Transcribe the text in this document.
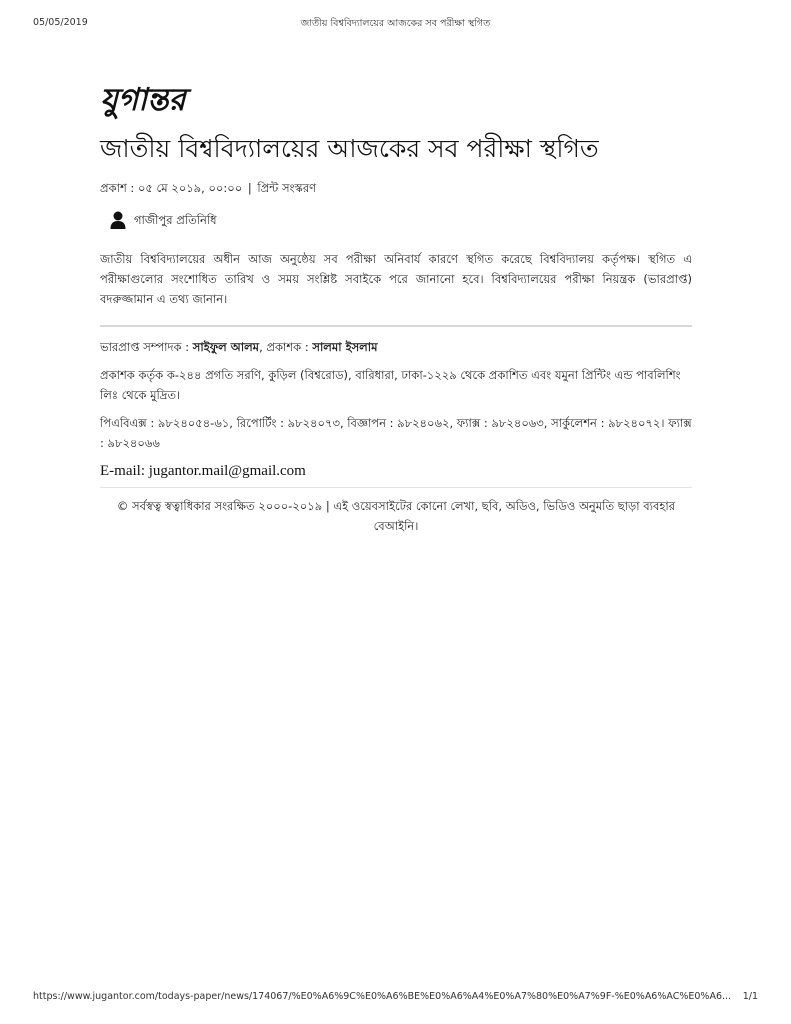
05/05/2019	জাতীয় বিশ্ববিদ্যালয়ের আজকের সব পরীক্ষা স্থগিত
যুগান্তর
জাতীয় বিশ্ববিদ্যালয়ের আজকের সব পরীক্ষা স্থগিত
প্রকাশ : ০৫ মে ২০১৯, ০০:০০ | প্রিন্ট সংস্করণ
গাজীপুর প্রতিনিধি

জাতীয় বিশ্ববিদ্যালয়ের অধীন আজ অনুষ্ঠেয় সব পরীক্ষা অনিবার্য কারণে স্থগিত করেছে বিশ্ববিদ্যালয় কর্তৃপক্ষ। স্থগিত এ পরীক্ষাগুলোর সংশোধিত তারিখ ও সময় সংশ্লিষ্ট সবাইকে পরে জানানো হবে। বিশ্ববিদ্যালয়ের পরীক্ষা নিয়ন্ত্রক (ভারপ্রাপ্ত) বদরুজ্জামান এ তথ্য জানান।

ভারপ্রাপ্ত সম্পাদক : সাইফুল আলম, প্রকাশক : সালমা ইসলাম
প্রকাশক কর্তৃক ক-২৪৪ প্রগতি সরণি, কুড়িল (বিশ্বরোড), বারিধারা, ঢাকা-১২২৯ থেকে প্রকাশিত এবং যমুনা প্রিন্টিং এন্ড পাবলিশিং লিঃ থেকে মুদ্রিত।
পিএবিএক্স : ৯৮২৪০৫৪-৬১, রিপোর্টিং : ৯৮২৪০৭৩, বিজ্ঞাপন : ৯৮২৪০৬২, ফ্যাক্স : ৯৮২৪০৬৩, সার্কুলেশন : ৯৮২৪০৭২। ফ্যাক্স : ৯৮২৪০৬৬
E-mail: jugantor.mail@gmail.com
© সর্বস্বত্ব স্বত্বাধিকার সংরক্ষিত ২০০০-২০১৯ | এই ওয়েবসাইটের কোনো লেখা, ছবি, অডিও, ভিডিও অনুমতি ছাড়া ব্যবহার বেআইনি।
https://www.jugantor.com/todays-paper/news/174067/%E0%A6%9C%E0%A6%BE%E0%A6%A4%E0%A7%80%E0%A7%9F-%E0%A6%AC%E0%A6... 1/1
